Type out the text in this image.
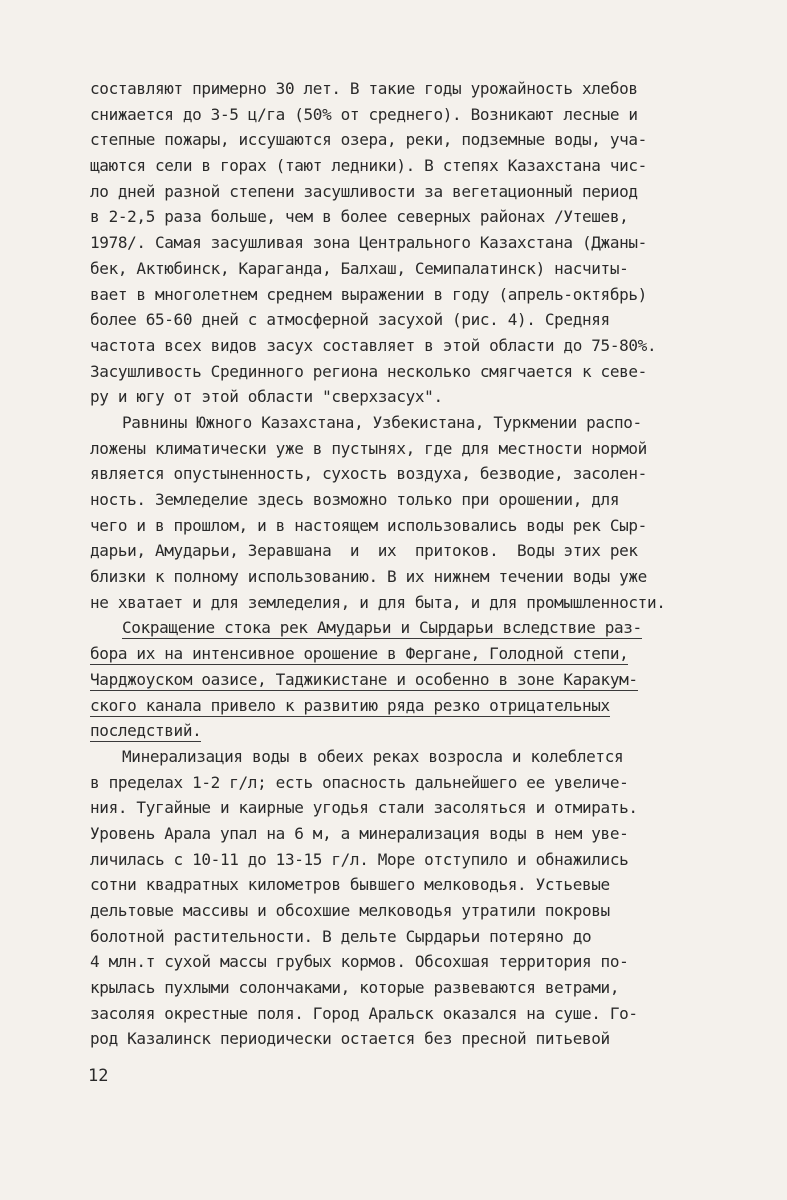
составляют примерно 30 лет. В такие годы урожайность хлебов
снижается до 3-5 ц/га (50% от среднего). Возникают лесные и
степные пожары, иссушаются озера, реки, подземные воды, уча-
щаются сели в горах (тают ледники). В степях Казахстана чис-
ло дней разной степени засушливости за вегетационный период
в 2-2,5 раза больше, чем в более северных районах /Утешев,
1978/. Самая засушливая зона Центрального Казахстана (Джаны-
бек, Актюбинск, Караганда, Балхаш, Семипалатинск) насчиты-
вает в многолетнем среднем выражении в году (апрель-октябрь)
более 65-60 дней с атмосферной засухой (рис. 4). Средняя
частота всех видов засух составляет в этой области до 75-80%.
Засушливость Срединного региона несколько смягчается к севе-
ру и югу от этой области "сверхзасух".
Равнины Южного Казахстана, Узбекистана, Туркмении распо-
ложены климатически уже в пустынях, где для местности нормой
является опустыненность, сухость воздуха, безводие, засолен-
ность. Земледелие здесь возможно только при орошении, для
чего и в прошлом, и в настоящем использовались воды рек Сыр-
дарьи, Амударьи, Зеравшана  и  их  притоков.  Воды этих рек
близки к полному использованию. В их нижнем течении воды уже
не хватает и для земледелия, и для быта, и для промышленности.
Сокращение стока рек Амударьи и Сырдарьи вследствие раз-
бора их на интенсивное орошение в Фергане, Голодной степи,
Чарджоуском оазисе, Таджикистане и особенно в зоне Каракум-
ского канала привело к развитию ряда резко отрицательных
последствий.
Минерализация воды в обеих реках возросла и колеблется
в пределах 1-2 г/л; есть опасность дальнейшего ее увеличе-
ния. Тугайные и каирные угодья стали засоляться и отмирать.
Уровень Арала упал на 6 м, а минерализация воды в нем уве-
личилась с 10-11 до 13-15 г/л. Море отступило и обнажились
сотни квадратных километров бывшего мелководья. Устьевые
дельтовые массивы и обсохшие мелководья утратили покровы
болотной растительности. В дельте Сырдарьи потеряно до
4 млн.т сухой массы грубых кормов. Обсохшая территория по-
крылась пухлыми солончаками, которые развеваются ветрами,
засоляя окрестные поля. Город Аральск оказался на суше. Го-
род Казалинск периодически остается без пресной питьевой
12
